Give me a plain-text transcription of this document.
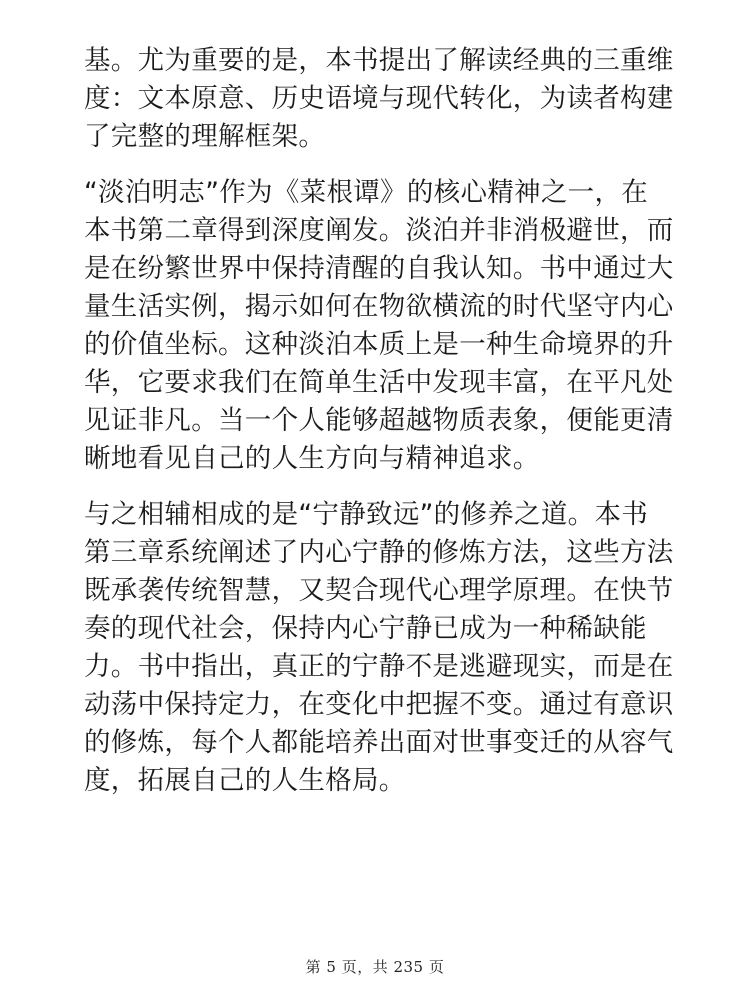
基。尤为重要的是，本书提出了解读经典的三重维度：文本原意、历史语境与现代转化，为读者构建了完整的理解框架。

“淡泊明志”作为《菜根谭》的核心精神之一，在本书第二章得到深度阐发。淡泊并非消极避世，而是在纷繁世界中保持清醒的自我认知。书中通过大量生活实例，揭示如何在物欲横流的时代坚守内心的价值坐标。这种淡泊本质上是一种生命境界的升华，它要求我们在简单生活中发现丰富，在平凡处见证非凡。当一个人能够超越物质表象，便能更清晰地看见自己的人生方向与精神追求。

与之相辅相成的是“宁静致远”的修养之道。本书第三章系统阐述了内心宁静的修炼方法，这些方法既承袭传统智慧，又契合现代心理学原理。在快节奏的现代社会，保持内心宁静已成为一种稀缺能力。书中指出，真正的宁静不是逃避现实，而是在动荡中保持定力，在变化中把握不变。通过有意识的修炼，每个人都能培养出面对世事变迁的从容气度，拓展自己的人生格局。

第 5 页，共 235 页
